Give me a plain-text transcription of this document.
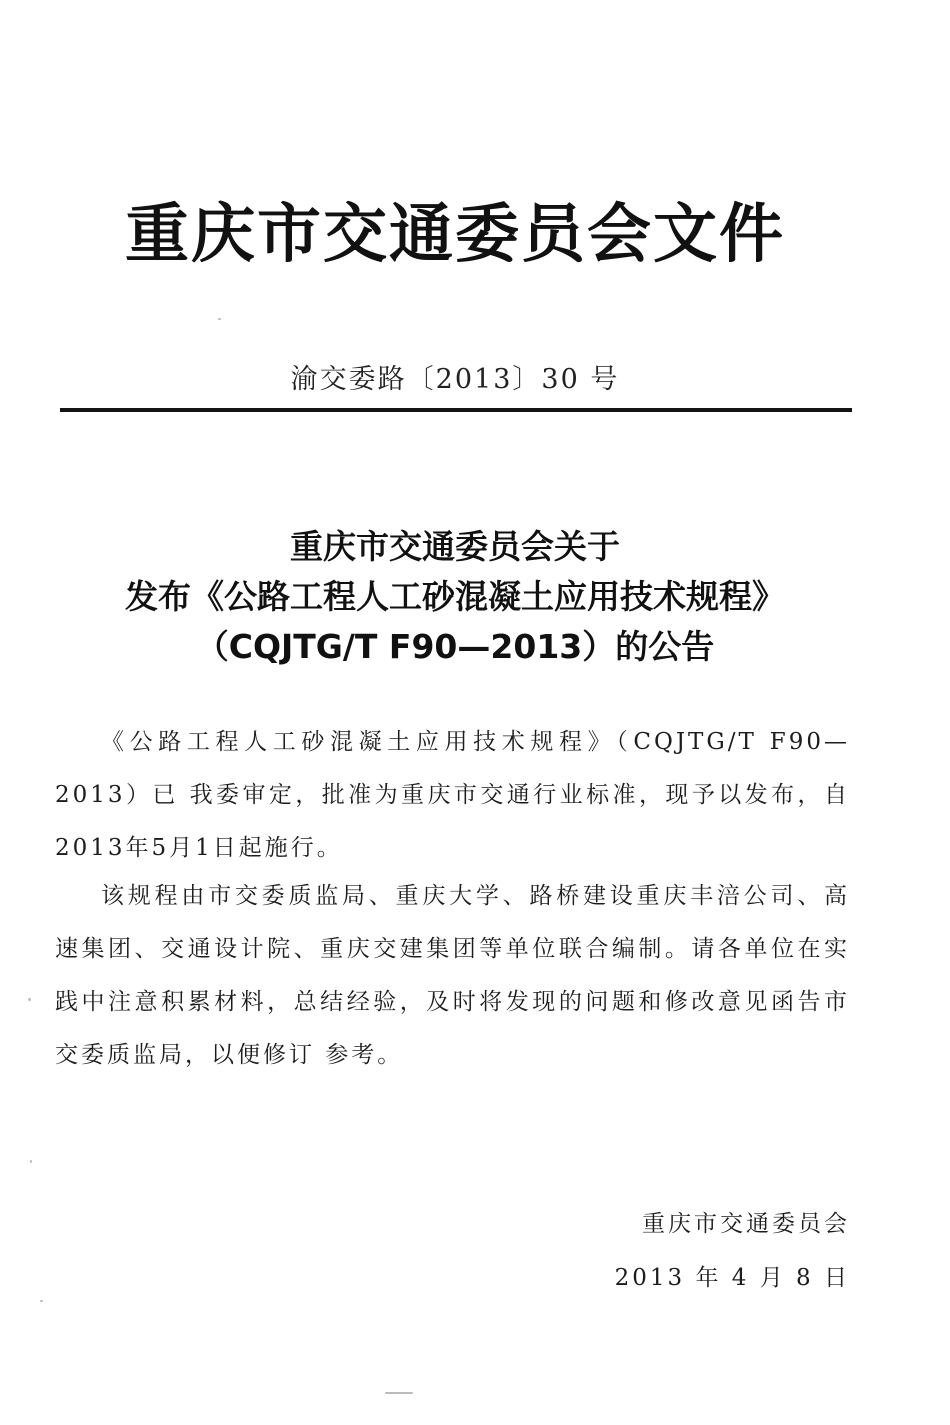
重庆市交通委员会文件
渝交委路〔2013〕30 号
重庆市交通委员会关于
发布《公路工程人工砂混凝土应用技术规程》
（CQJTG/T F90—2013）的公告
《公路工程人工砂混凝土应用技术规程》（CQJTG/T F90—2013）已 我委审定，批准为重庆市交通行业标准，现予以发布，自2013年5月1日起施行。
该规程由市交委质监局、重庆大学、路桥建设重庆丰涪公司、高速集团、交通设计院、重庆交建集团等单位联合编制。请各单位在实践中注意积累材料，总结经验，及时将发现的问题和修改意见函告市交委质监局，以便修订 参考。
重庆市交通委员会
2013 年 4 月 8 日
